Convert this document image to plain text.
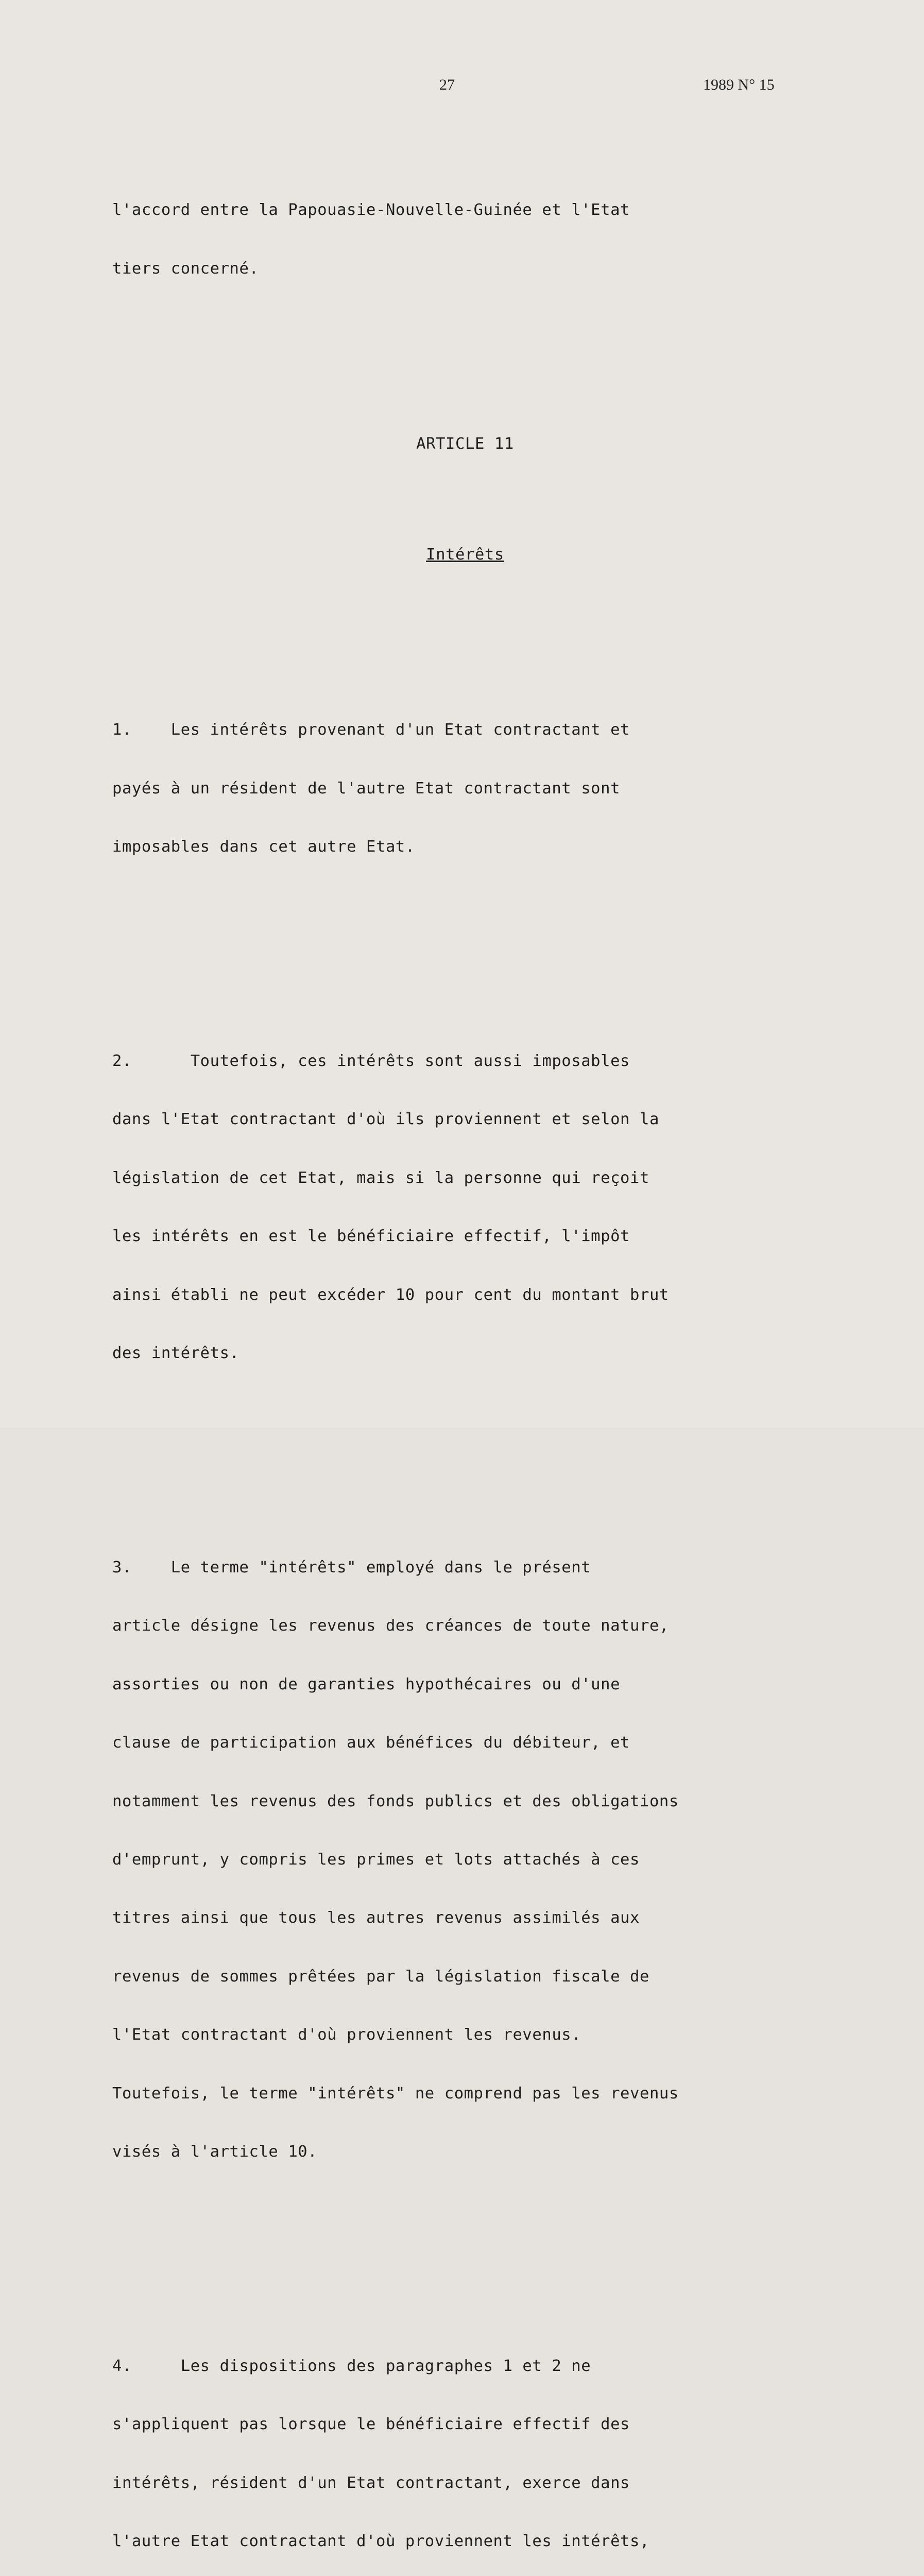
27	1989 N° 15

l'accord entre la Papouasie-Nouvelle-Guinée et l'Etat

tiers concerné.

ARTICLE 11

Intérêts

1.    Les intérêts provenant d'un Etat contractant et

payés à un résident de l'autre Etat contractant sont

imposables dans cet autre Etat.

2.      Toutefois, ces intérêts sont aussi imposables

dans l'Etat contractant d'où ils proviennent et selon la

législation de cet Etat, mais si la personne qui reçoit

les intérêts en est le bénéficiaire effectif, l'impôt

ainsi établi ne peut excéder 10 pour cent du montant brut

des intérêts.

3.    Le terme "intérêts" employé dans le présent

article désigne les revenus des créances de toute nature,

assorties ou non de garanties hypothécaires ou d'une

clause de participation aux bénéfices du débiteur, et

notamment les revenus des fonds publics et des obligations

d'emprunt, y compris les primes et lots attachés à ces

titres ainsi que tous les autres revenus assimilés aux

revenus de sommes prêtées par la législation fiscale de

l'Etat contractant d'où proviennent les revenus.

Toutefois, le terme "intérêts" ne comprend pas les revenus

visés à l'article 10.

4.     Les dispositions des paragraphes 1 et 2 ne

s'appliquent pas lorsque le bénéficiaire effectif des

intérêts, résident d'un Etat contractant, exerce dans

l'autre Etat contractant d'où proviennent les intérêts,
